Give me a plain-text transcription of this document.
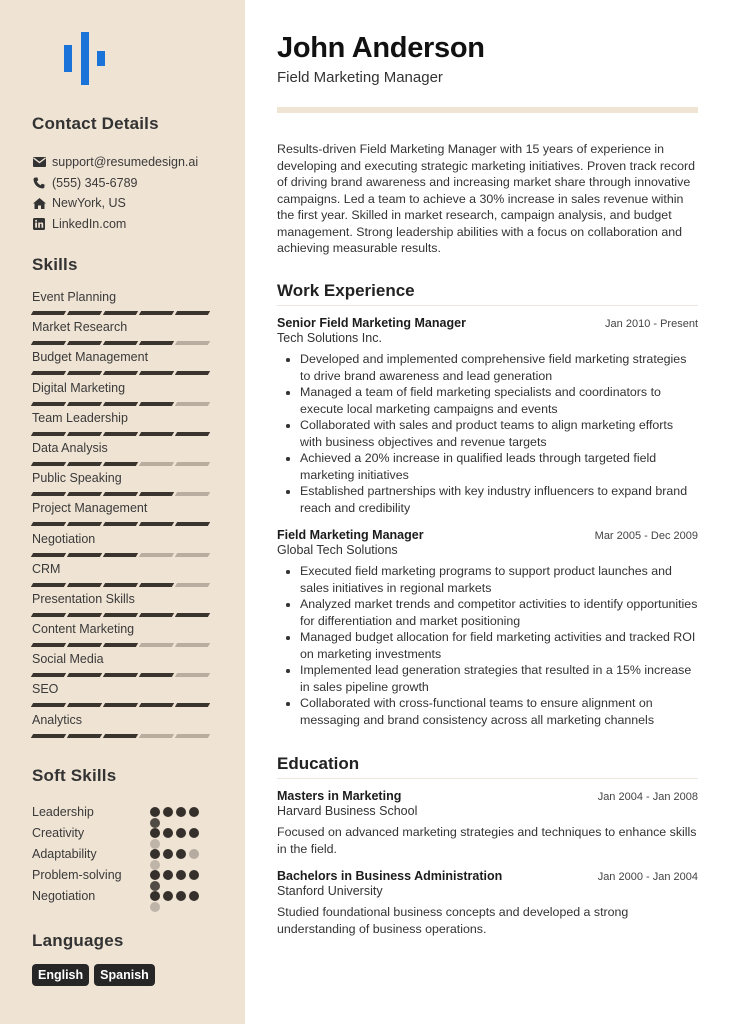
Contact Details
support@resumedesign.ai
(555) 345-6789
NewYork, US
LinkedIn.com
Skills
Event Planning
Market Research
Budget Management
Digital Marketing
Team Leadership
Data Analysis
Public Speaking
Project Management
Negotiation
CRM
Presentation Skills
Content Marketing
Social Media
SEO
Analytics
Soft Skills
Leadership
Creativity
Adaptability
Problem-solving
Negotiation
Languages
English	Spanish
John Anderson
Field Marketing Manager

Results-driven Field Marketing Manager with 15 years of experience in developing and executing strategic marketing initiatives. Proven track record of driving brand awareness and increasing market share through innovative campaigns. Led a team to achieve a 30% increase in sales revenue within the first year. Skilled in market research, campaign analysis, and budget management. Strong leadership abilities with a focus on collaboration and achieving measurable results.

Work Experience
Senior Field Marketing Manager	Jan 2010 - Present
Tech Solutions Inc.
Developed and implemented comprehensive field marketing strategies to drive brand awareness and lead generation
Managed a team of field marketing specialists and coordinators to execute local marketing campaigns and events
Collaborated with sales and product teams to align marketing efforts with business objectives and revenue targets
Achieved a 20% increase in qualified leads through targeted field marketing initiatives
Established partnerships with key industry influencers to expand brand reach and credibility
Field Marketing Manager	Mar 2005 - Dec 2009
Global Tech Solutions
Executed field marketing programs to support product launches and sales initiatives in regional markets
Analyzed market trends and competitor activities to identify opportunities for differentiation and market positioning
Managed budget allocation for field marketing activities and tracked ROI on marketing investments
Implemented lead generation strategies that resulted in a 15% increase in sales pipeline growth
Collaborated with cross-functional teams to ensure alignment on messaging and brand consistency across all marketing channels
Education
Masters in Marketing	Jan 2004 - Jan 2008
Harvard Business School

Focused on advanced marketing strategies and techniques to enhance skills in the field.

Bachelors in Business Administration	Jan 2000 - Jan 2004
Stanford University

Studied foundational business concepts and developed a strong understanding of business operations.
